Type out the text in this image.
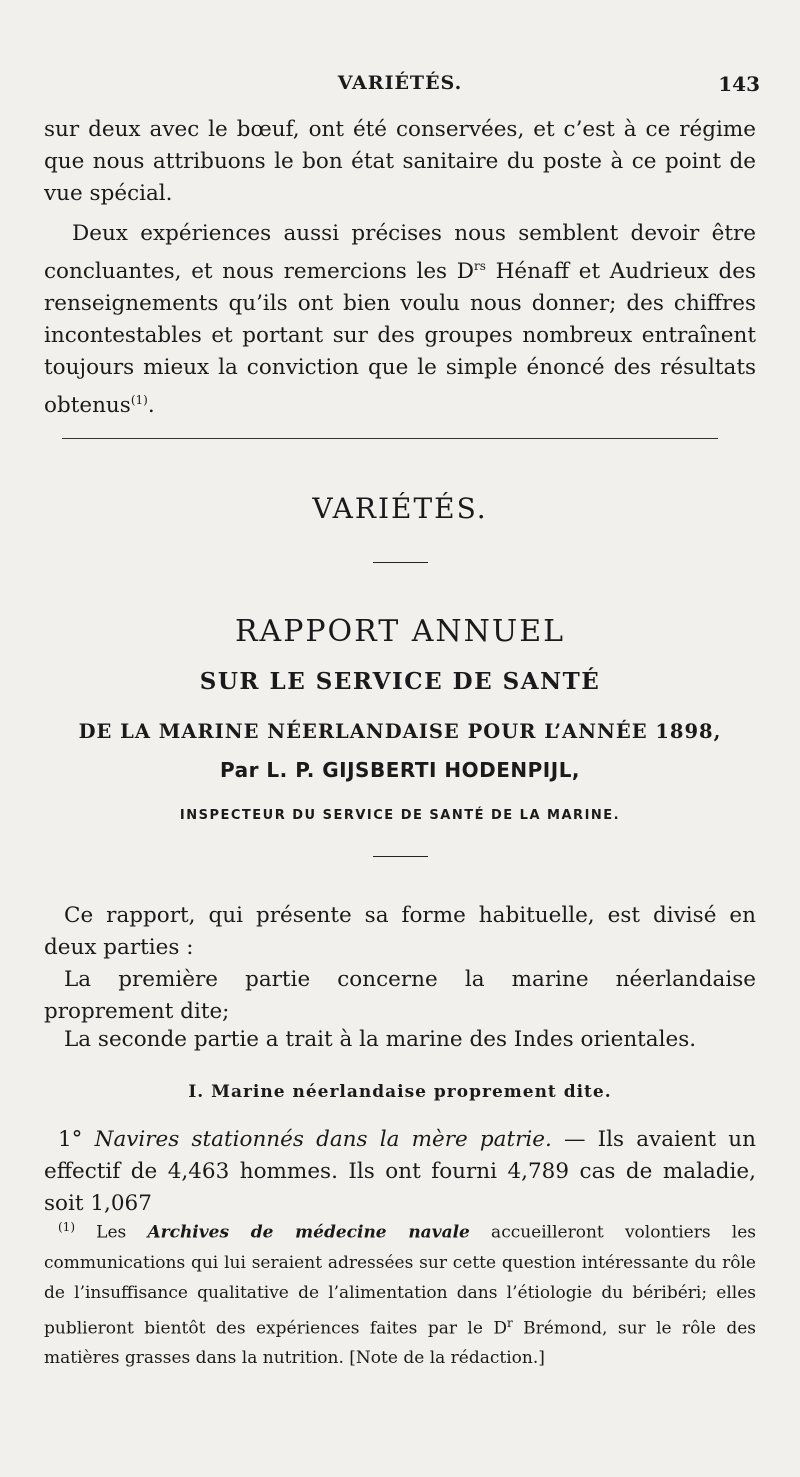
VARIÉTÉS.	143
sur deux avec le bœuf, ont été conservées, et c’est à ce régime que nous attribuons le bon état sanitaire du poste à ce point de vue spécial.
Deux expériences aussi précises nous semblent devoir être concluantes, et nous remercions les $D^{rs}$ Hénaff et Audrieux des renseignements qu’ils ont bien voulu nous donner; des chiffres incontestables et portant sur des groupes nombreux entraînent toujours mieux la conviction que le simple énoncé des résultats obtenus$^{(1)}$.
VARIÉTÉS.
RAPPORT ANNUEL
SUR LE SERVICE DE SANTÉ
DE LA MARINE NÉERLANDAISE POUR L’ANNÉE 1898,
Par L. P. GIJSBERTI HODENPIJL,
INSPECTEUR DU SERVICE DE SANTÉ DE LA MARINE.
Ce rapport, qui présente sa forme habituelle, est divisé en deux parties :
La première partie concerne la marine néerlandaise proprement dite;
La seconde partie a trait à la marine des Indes orientales.
I. Marine néerlandaise proprement dite.
1° Navires stationnés dans la mère patrie. — Ils avaient un effectif de 4,463 hommes. Ils ont fourni 4,789 cas de maladie, soit 1,067
$^{(1)}$ Les Archives de médecine navale accueilleront volontiers les communications qui lui seraient adressées sur cette question intéressante du rôle de l’insuffisance qualitative de l’alimentation dans l’étiologie du béribéri; elles publieront bientôt des expériences faites par le $D^r$ Brémond, sur le rôle des matières grasses dans la nutrition. [Note de la rédaction.]
